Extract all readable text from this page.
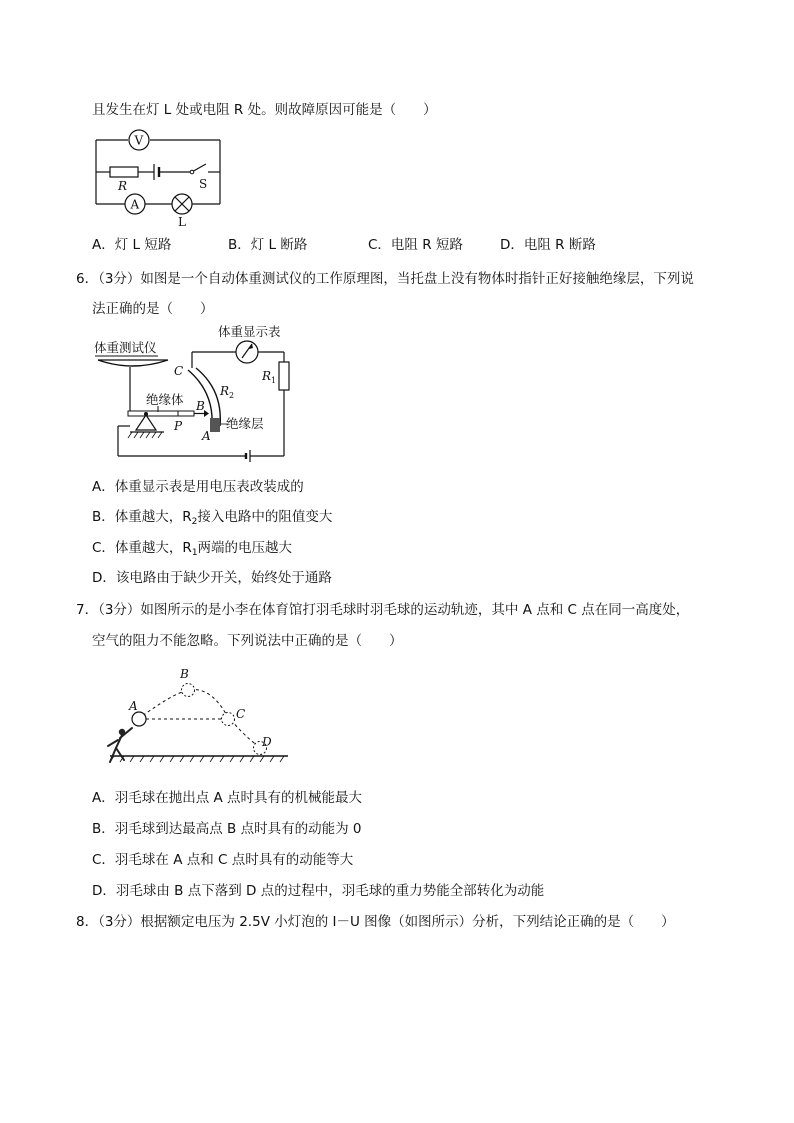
且发生在灯 L 处或电阻 R 处。则故障原因可能是（　　）
V
R	S
A
L
A．灯 L 短路	B．灯 L 断路	C．电阻 R 短路	D．电阻 R 断路
6．（3分）如图是一个自动体重测试仪的工作原理图，当托盘上没有物体时指针正好接触绝缘层，下列说
法正确的是（　　）
体重测试仪
绝缘体
P
C
B
A
$R_2$
绝缘层
体重显示表
$R_1$
A．体重显示表是用电压表改装成的
B．体重越大，$R_2$接入电路中的阻值变大
C．体重越大，$R_1$两端的电压越大
D．该电路由于缺少开关，始终处于通路
7．（3分）如图所示的是小李在体育馆打羽毛球时羽毛球的运动轨迹，其中 A 点和 C 点在同一高度处，
空气的阻力不能忽略。下列说法中正确的是（　　）
A
B
C
D
A．羽毛球在抛出点 A 点时具有的机械能最大
B．羽毛球到达最高点 B 点时具有的动能为 0
C．羽毛球在 A 点和 C 点时具有的动能等大
D．羽毛球由 B 点下落到 D 点的过程中，羽毛球的重力势能全部转化为动能
8．（3分）根据额定电压为 2.5V 小灯泡的 I－U 图像（如图所示）分析，下列结论正确的是（　　）
